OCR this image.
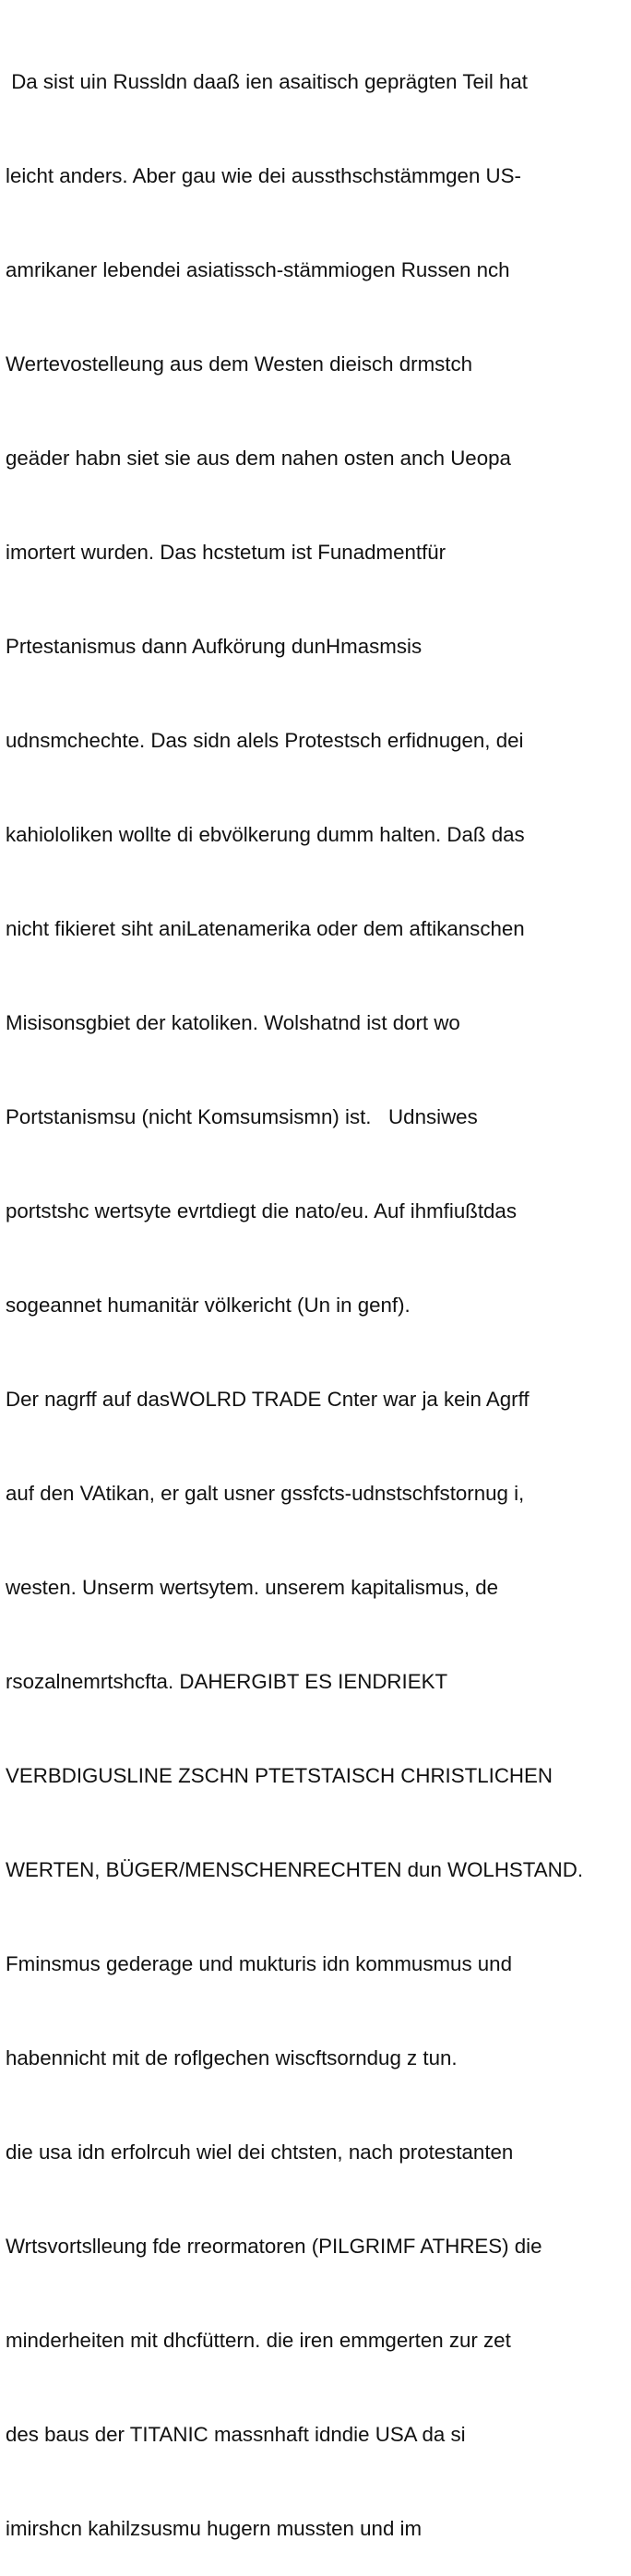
Da sist uin Russldn daaß ien asaitisch geprägten Teil hat

leicht anders. Aber gau wie dei aussthschstämmgen US-

amrikaner lebendei asiatissch-stämmiogen Russen nch

Wertevostelleung aus dem Westen dieisch drmstch

geäder habn siet sie aus dem nahen osten anch Ueopa

imortert wurden. Das hcstetum ist Funadmentfür

Prtestanismus dann Aufkörung dunHmasmsis

udnsmchechte. Das sidn alels Protestsch erfidnugen, dei

kahiololiken wollte di ebvölkerung dumm halten. Daß das

nicht fikieret siht aniLatenamerika oder dem aftikanschen

Misisonsgbiet der katoliken. Wolshatnd ist dort wo

Portstanismsu (nicht Komsumsismn) ist.   Udnsiwes

portstshc wertsyte evrtdiegt die nato/eu. Auf ihmfiußtdas

sogeannet humanitär völkericht (Un in genf).

Der nagrff auf dasWOLRD TRADE Cnter war ja kein Agrff

auf den VAtikan, er galt usner gssfcts-udnstschfstornug i,

westen. Unserm wertsytem. unserem kapitalismus, de

rsozalnemrtshcfta. DAHERGIBT ES IENDRIEKT

VERBDIGUSLINE ZSCHN PTETSTAISCH CHRISTLICHEN

WERTEN, BÜGER/MENSCHENRECHTEN dun WOLHSTAND.

Fminsmus gederage und mukturis idn kommusmus und

habennicht mit de roflgechen wiscftsorndug z tun.

die usa idn erfolrcuh wiel dei chtsten, nach protestanten

Wrtsvortslleung fde rreormatoren (PILGRIMF ATHRES) die

minderheiten mit dhcfüttern. die iren emmgerten zur zet

des baus der TITANIC massnhaft idndie USA da si

imirshcn kahilzsusmu hugern mussten und im
